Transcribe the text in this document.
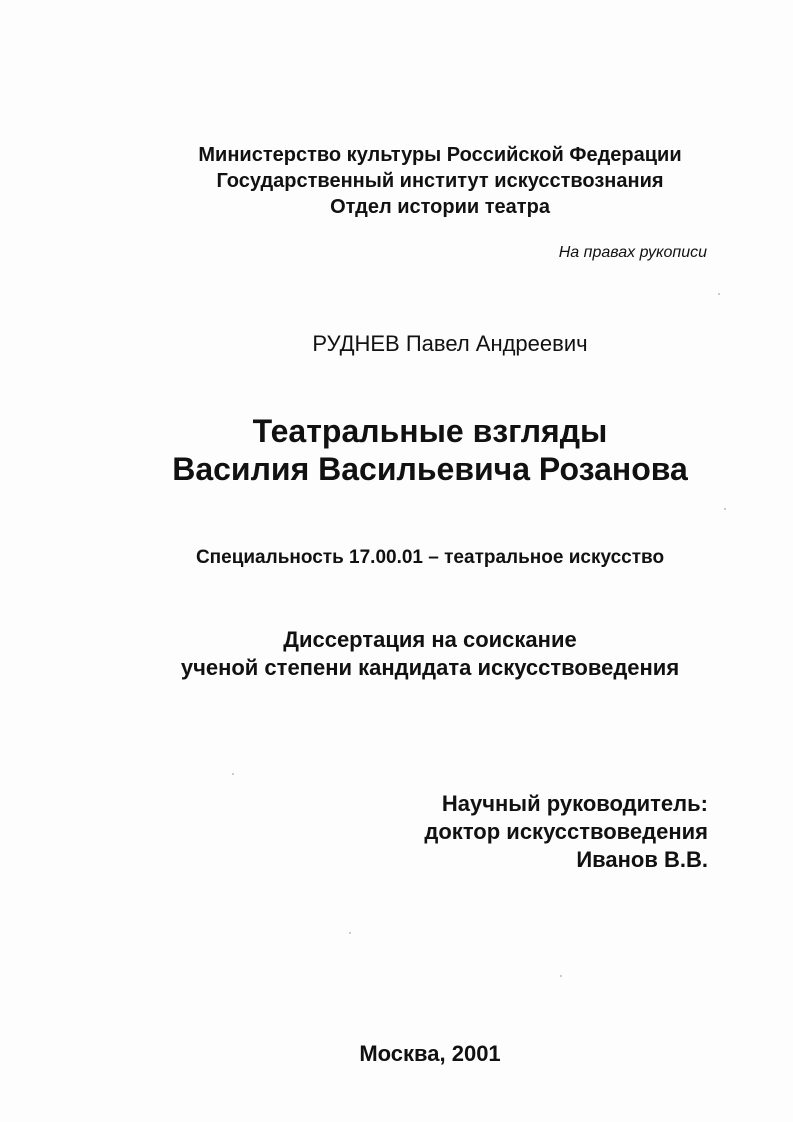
Министерство культуры Российской Федерации
Государственный институт искусствознания
Отдел истории театра
На правах рукописи
РУДНЕВ Павел Андреевич
Театральные взгляды
Василия Васильевича Розанова
Специальность 17.00.01 – театральное искусство
Диссертация на соискание
ученой степени кандидата искусствоведения
Научный руководитель:
доктор искусствоведения
Иванов В.В.
Москва, 2001
